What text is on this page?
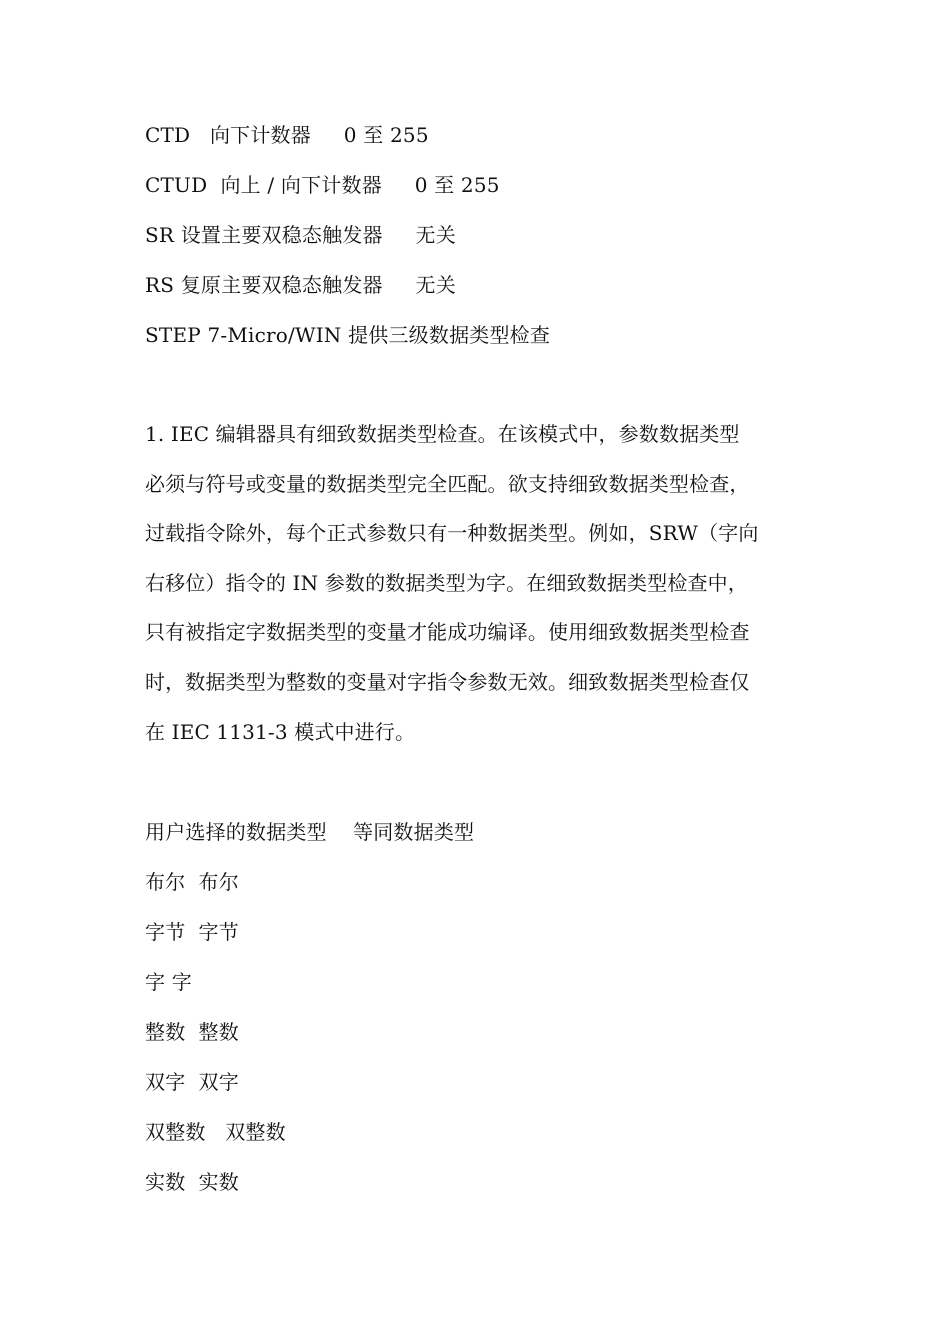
CTD   向下计数器     0 至 255
CTUD  向上 / 向下计数器     0 至 255
SR 设置主要双稳态触发器     无关
RS 复原主要双稳态触发器     无关
STEP 7-Micro/WIN 提供三级数据类型检查
1. IEC 编辑器具有细致数据类型检查。在该模式中，参数数据类型
必须与符号或变量的数据类型完全匹配。欲支持细致数据类型检查，
过载指令除外，每个正式参数只有一种数据类型。例如，SRW（字向
右移位）指令的 IN 参数的数据类型为字。在细致数据类型检查中，
只有被指定字数据类型的变量才能成功编译。使用细致数据类型检查
时，数据类型为整数的变量对字指令参数无效。细致数据类型检查仅
在 IEC 1131-3 模式中进行。
用户选择的数据类型    等同数据类型
布尔  布尔
字节  字节
字 字
整数  整数
双字  双字
双整数   双整数
实数  实数
